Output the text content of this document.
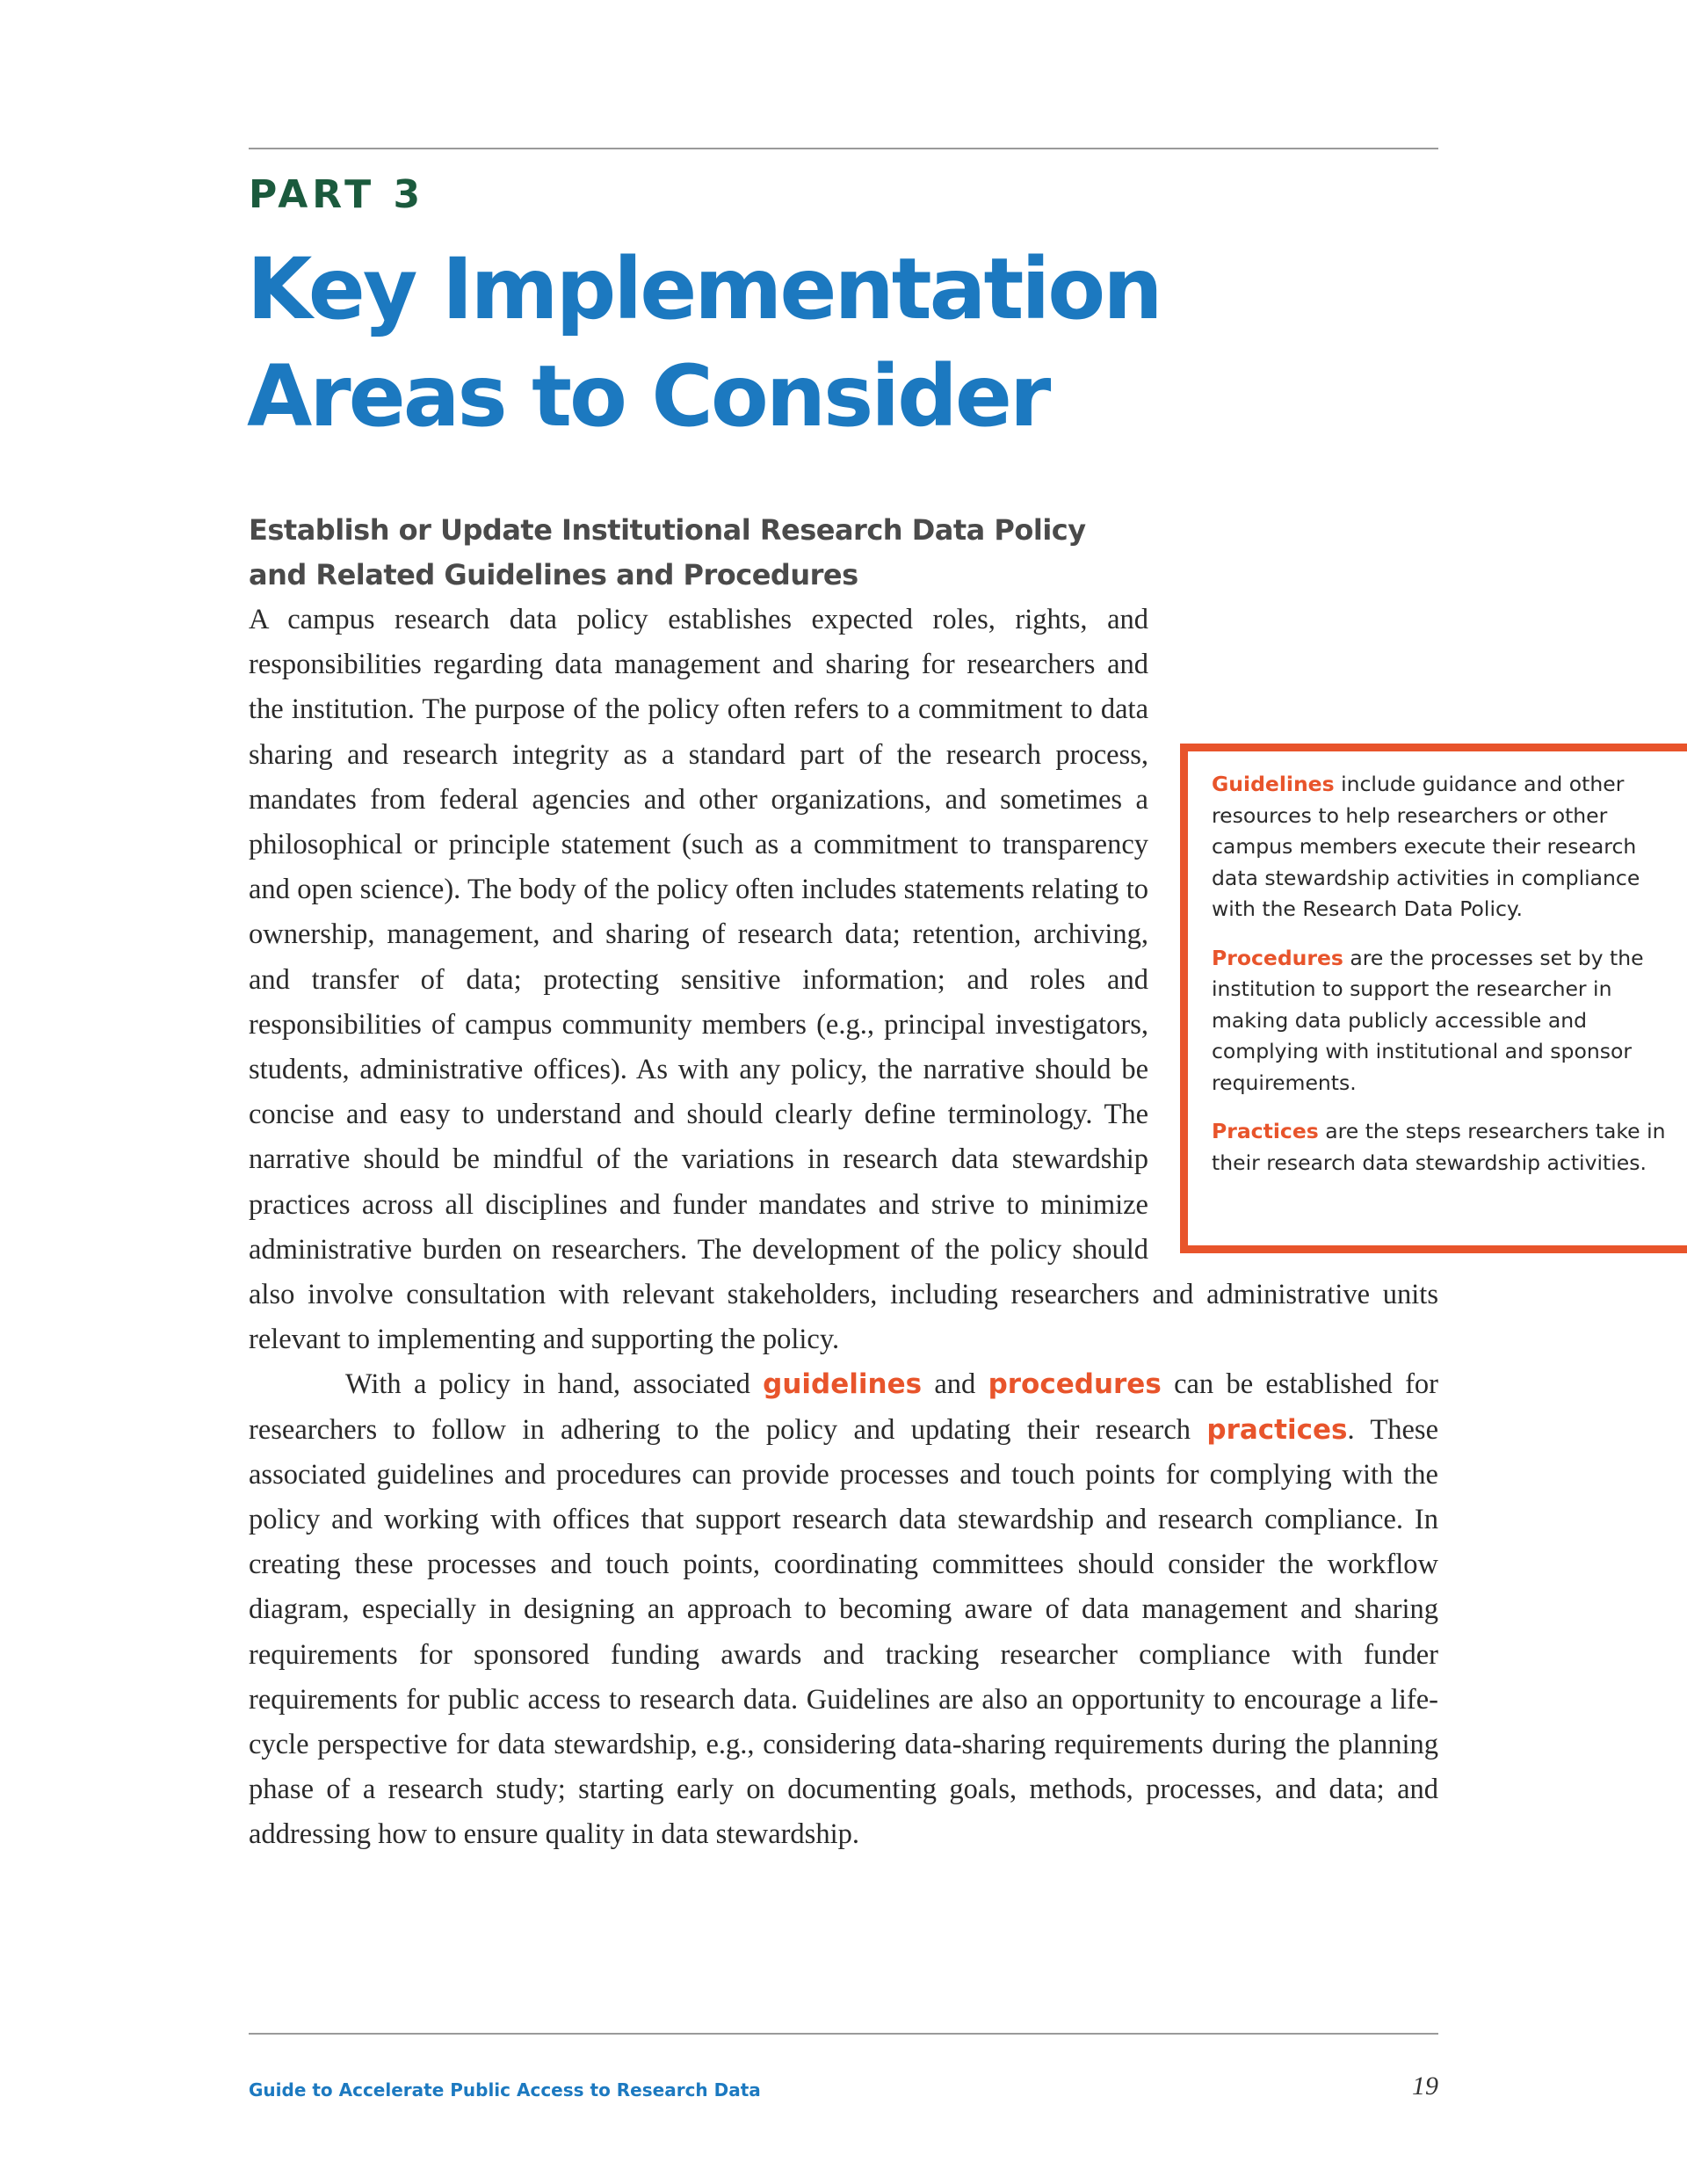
PART 3
Key Implementation
Areas to Consider
Establish or Update Institutional Research Data Policy
and Related Guidelines and Procedures

A campus research data policy establishes expected roles, rights, and responsibilities regarding data management and sharing for researchers and the institution. The purpose of the policy often refers to a commitment to data sharing and research integrity as a standard part of the research process, mandates from federal agencies and other organizations, and sometimes a philosophical or principle statement (such as a commitment to transparency and open science). The body of the policy often includes statements relating to ownership, management, and sharing of research data; retention, archiving, and transfer of data; protecting sensitive information; and roles and responsibilities of campus community members (e.g., principal investigators, students, administrative offices). As with any policy, the narrative should be concise and easy to understand and should clearly define terminology. The narrative should be mindful of the variations in research data stewardship practices across all disciplines and funder mandates and strive to minimize administrative burden on researchers. The development of the policy should also involve consultation with relevant stakeholders, including researchers and administrative units relevant to implementing and supporting the policy.

With a policy in hand, associated guidelines and procedures can be established for researchers to follow in adhering to the policy and updating their research practices. These associated guidelines and procedures can provide processes and touch points for complying with the policy and working with offices that support research data stewardship and research compliance. In creating these processes and touch points, coordinating committees should consider the workflow diagram, especially in designing an approach to becoming aware of data management and sharing requirements for sponsored funding awards and tracking researcher compliance with funder requirements for public access to research data. Guidelines are also an opportunity to encourage a life-cycle perspective for data stewardship, e.g., considering data-sharing requirements during the planning phase of a research study; starting early on documenting goals, methods, processes, and data; and addressing how to ensure quality in data stewardship.

Guidelines include guidance and other resources to help researchers or other campus members execute their research data stewardship activities in compliance with the Research Data Policy.

Procedures are the processes set by the institution to support the researcher in making data publicly accessible and complying with institutional and sponsor requirements.

Practices are the steps researchers take in their research data stewardship activities.

Guide to Accelerate Public Access to Research Data	19
